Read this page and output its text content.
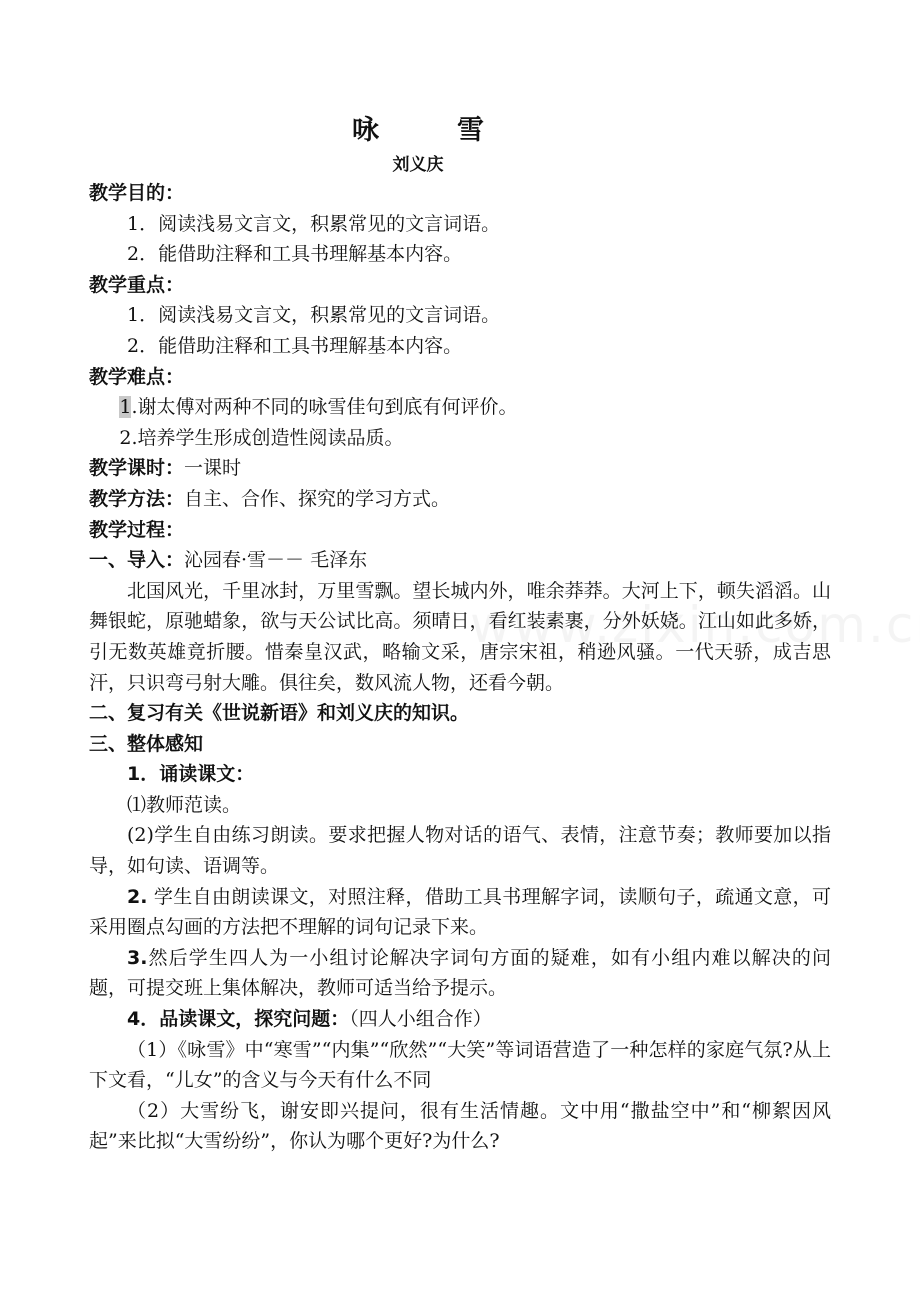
咏	雪
刘义庆

教学目的：

1．阅读浅易文言文，积累常见的文言词语。

2．能借助注释和工具书理解基本内容。

教学重点：

1．阅读浅易文言文，积累常见的文言词语。

2．能借助注释和工具书理解基本内容。

教学难点：

1.谢太傅对两种不同的咏雪佳句到底有何评价。

2.培养学生形成创造性阅读品质。

教学课时：一课时

教学方法：自主、合作、探究的学习方式。

教学过程：

一、导入：沁园春·雪－－ 毛泽东

北国风光，千里冰封，万里雪飘。望长城内外，唯余莽莽。大河上下，顿失滔滔。山舞银蛇，原驰蜡象，欲与天公试比高。须晴日，看红装素裹，分外妖娆。江山如此多娇，引无数英雄竟折腰。惜秦皇汉武，略输文采，唐宗宋祖，稍逊风骚。一代天骄，成吉思汗，只识弯弓射大雕。俱往矣，数风流人物，还看今朝。

二、复习有关《世说新语》和刘义庆的知识。

三、整体感知

1．诵读课文：

⑴教师范读。

(2)学生自由练习朗读。要求把握人物对话的语气、表情，注意节奏；教师要加以指导，如句读、语调等。

2. 学生自由朗读课文，对照注释，借助工具书理解字词，读顺句子，疏通文意，可采用圈点勾画的方法把不理解的词句记录下来。

3.然后学生四人为一小组讨论解决字词句方面的疑难，如有小组内难以解决的问题，可提交班上集体解决，教师可适当给予提示。

4．品读课文，探究问题：（四人小组合作）

（1）《咏雪》中“寒雪”“内集”“欣然”“大笑”等词语营造了一种怎样的家庭气氛?从上下文看，“儿女”的含义与今天有什么不同

（2）大雪纷飞，谢安即兴提问，很有生活情趣。文中用“撒盐空中”和“柳絮因风起”来比拟“大雪纷纷”，你认为哪个更好?为什么?
